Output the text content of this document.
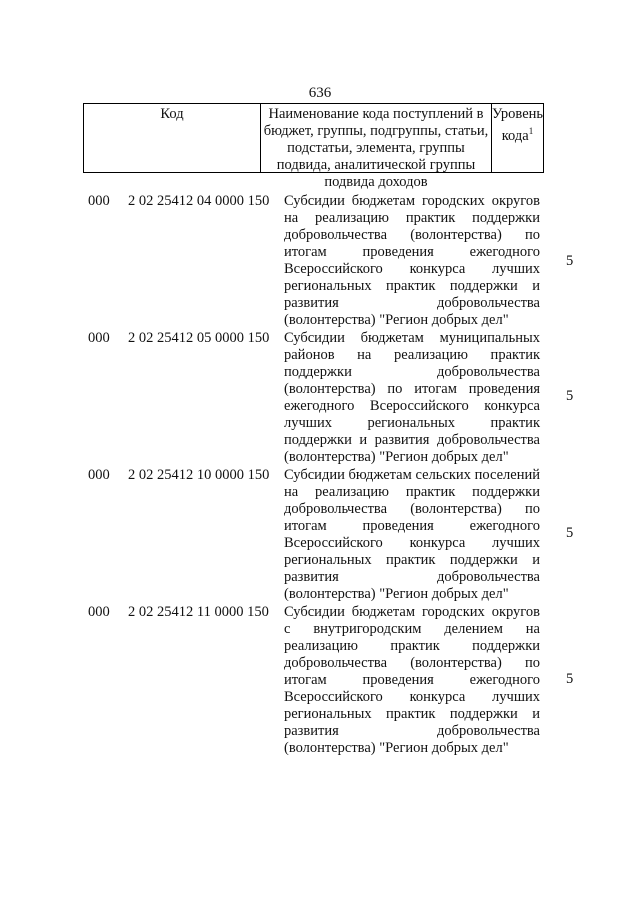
636
Код	Наименование кода поступлений в бюджет, группы, подгруппы, статьи, подстатьи, элемента, группы подвида, аналитической группы подвида доходов
Уровень кода$^1$
000 2 02 25412 04 0000 150 Субсидии бюджетам городских округов на реализацию практик поддержки добровольчества (волонтерства) по итогам проведения ежегодного Всероссийского конкурса лучших региональных практик поддержки и развития добровольчества (волонтерства) "Регион добрых дел"
5
000 2 02 25412 05 0000 150 Субсидии бюджетам муниципальных районов на реализацию практик поддержки добровольчества (волонтерства) по итогам проведения ежегодного Всероссийского конкурса лучших региональных практик поддержки и развития добровольчества (волонтерства) "Регион добрых дел"
5
000 2 02 25412 10 0000 150 Субсидии бюджетам сельских поселений на реализацию практик поддержки добровольчества (волонтерства) по итогам проведения ежегодного Всероссийского конкурса лучших региональных практик поддержки и развития добровольчества (волонтерства) "Регион добрых дел"
5
000 2 02 25412 11 0000 150 Субсидии бюджетам городских округов с внутригородским делением на реализацию практик поддержки добровольчества (волонтерства) по итогам проведения ежегодного Всероссийского конкурса лучших региональных практик поддержки и развития добровольчества (волонтерства) "Регион добрых дел"
5
